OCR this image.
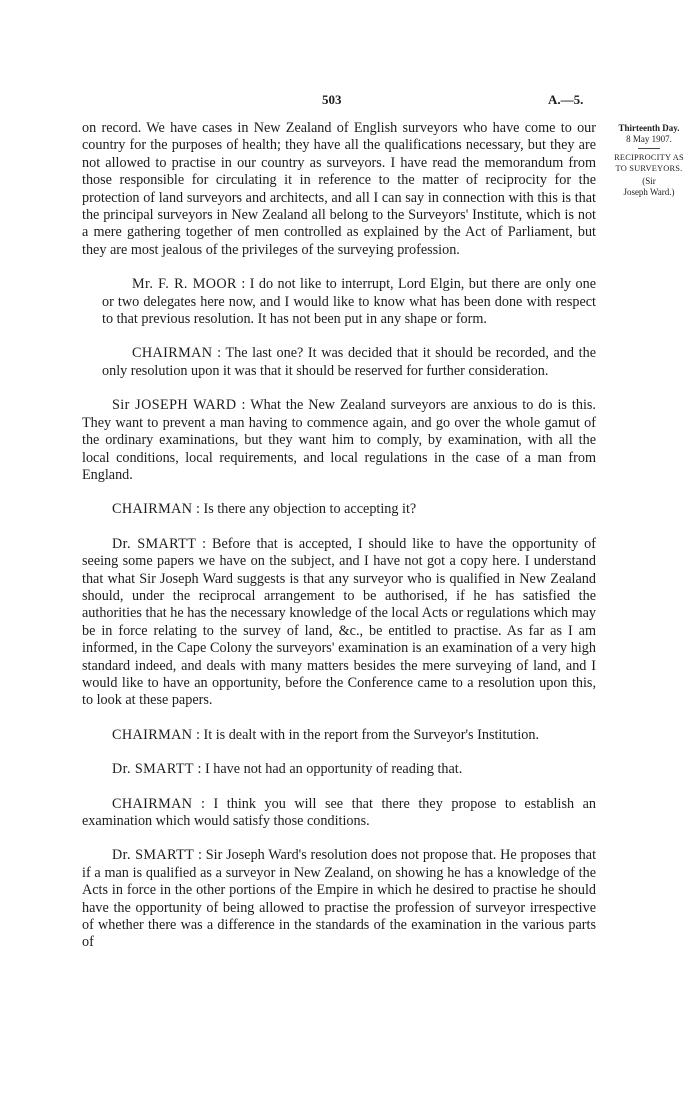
503	A.—5.
Thirteenth Day.
8 May 1907.
RECIPROCITY AS
TO SURVEYORS.
(Sir
Joseph Ward.)

on record. We have cases in New Zealand of English surveyors who have come to our country for the purposes of health; they have all the qualifications necessary, but they are not allowed to practise in our country as surveyors. I have read the memorandum from those responsible for circulating it in reference to the matter of reciprocity for the protection of land surveyors and architects, and all I can say in connection with this is that the principal surveyors in New Zealand all belong to the Surveyors' Institute, which is not a mere gathering together of men controlled as explained by the Act of Parliament, but they are most jealous of the privileges of the surveying profession.

Mr. F. R. MOOR : I do not like to interrupt, Lord Elgin, but there are only one or two delegates here now, and I would like to know what has been done with respect to that previous resolution. It has not been put in any shape or form.

CHAIRMAN : The last one? It was decided that it should be recorded, and the only resolution upon it was that it should be reserved for further consideration.

Sir JOSEPH WARD : What the New Zealand surveyors are anxious to do is this. They want to prevent a man having to commence again, and go over the whole gamut of the ordinary examinations, but they want him to comply, by examination, with all the local conditions, local requirements, and local regulations in the case of a man from England.

CHAIRMAN : Is there any objection to accepting it?

Dr. SMARTT : Before that is accepted, I should like to have the opportunity of seeing some papers we have on the subject, and I have not got a copy here. I understand that what Sir Joseph Ward suggests is that any surveyor who is qualified in New Zealand should, under the reciprocal arrangement to be authorised, if he has satisfied the authorities that he has the necessary knowledge of the local Acts or regulations which may be in force relating to the survey of land, &c., be entitled to practise. As far as I am informed, in the Cape Colony the surveyors' examination is an examination of a very high standard indeed, and deals with many matters besides the mere surveying of land, and I would like to have an opportunity, before the Conference came to a resolution upon this, to look at these papers.

CHAIRMAN : It is dealt with in the report from the Surveyor's Institution.

Dr. SMARTT : I have not had an opportunity of reading that.

CHAIRMAN : I think you will see that there they propose to establish an examination which would satisfy those conditions.

Dr. SMARTT : Sir Joseph Ward's resolution does not propose that. He proposes that if a man is qualified as a surveyor in New Zealand, on showing he has a knowledge of the Acts in force in the other portions of the Empire in which he desired to practise he should have the opportunity of being allowed to practise the profession of surveyor irrespective of whether there was a difference in the standards of the examination in the various parts of
